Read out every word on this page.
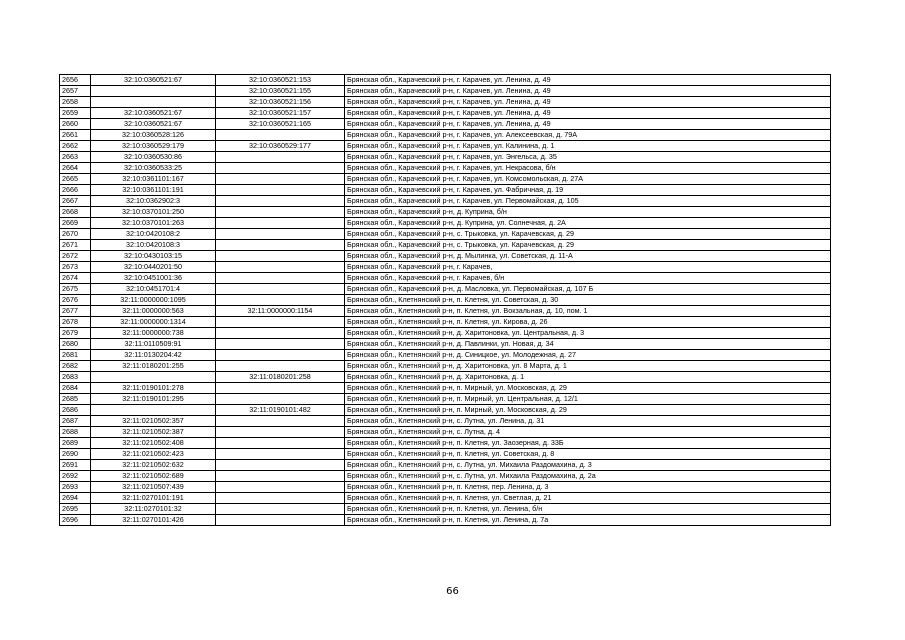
2656	32:10:0360521:67	32:10:0360521:153	Брянская обл., Карачевский р-н, г. Карачев, ул. Ленина, д. 49
2657		32:10:0360521:155	Брянская обл., Карачевский р-н, г. Карачев, ул. Ленина, д. 49
2658		32:10:0360521:156	Брянская обл., Карачевский р-н, г. Карачев, ул. Ленина, д. 49
2659	32:10:0360521:67	32:10:0360521:157	Брянская обл., Карачевский р-н, г. Карачев, ул. Ленина, д. 49
2660	32:10:0360521:67	32:10:0360521:165	Брянская обл., Карачевский р-н, г. Карачев, ул. Ленина, д. 49
2661	32:10:0360528:126		Брянская обл., Карачевский р-н, г. Карачев, ул. Алексеевская, д. 79А
2662	32:10:0360529:179	32:10:0360529:177	Брянская обл., Карачевский р-н, г. Карачев, ул. Калинина, д. 1
2663	32:10:0360530:86		Брянская обл., Карачевский р-н, г. Карачев, ул. Энгельса, д. 35
2664	32:10:0360533:25		Брянская обл., Карачевский р-н, г. Карачев, ул. Некрасова, б/н
2665	32:10:0361101:167		Брянская обл., Карачевский р-н, г. Карачев, ул. Комсомольская, д. 27А
2666	32:10:0361101:191		Брянская обл., Карачевский р-н, г. Карачев, ул. Фабричная, д. 19
2667	32:10:0362902:3		Брянская обл., Карачевский р-н, г. Карачев, ул. Первомайская, д. 105
2668	32:10:0370101:250		Брянская обл., Карачевский р-н, д. Куприна, б/н
2669	32:10:0370101:263		Брянская обл., Карачевский р-н, д. Куприна, ул. Солнечная, д. 2А
2670	32:10:0420108:2		Брянская обл., Карачевский р-н, с. Трыковка, ул. Карачевская, д. 29
2671	32:10:0420108:3		Брянская обл., Карачевский р-н, с. Трыковка, ул. Карачевская, д. 29
2672	32:10:0430103:15		Брянская обл., Карачевский р-н, д. Мылинка, ул. Советская, д. 11-А
2673	32:10:0440201:50		Брянская обл., Карачевский р-н, г. Карачев,
2674	32:10:0451001:36		Брянская обл., Карачевский р-н, г. Карачев, б/н
2675	32:10:0451701:4		Брянская обл., Карачевский р-н, д. Масловка, ул. Первомайская, д. 107 Б
2676	32:11:0000000:1095		Брянская обл., Клетнянский р-н, п. Клетня, ул. Советская, д. 30
2677	32:11:0000000:563	32:11:0000000:1154	Брянская обл., Клетнянский р-н, п. Клетня, ул. Вокзальная, д. 10, пом. 1
2678	32:11:0000000:1314		Брянская обл., Клетнянский р-н, п. Клетня, ул. Кирова, д. 26
2679	32:11:0000000:738		Брянская обл., Клетнянский р-н, д. Харитоновка, ул. Центральная, д. 3
2680	32:11:0110509:91		Брянская обл., Клетнянский р-н, д. Павлинки, ул. Новая, д. 34
2681	32:11:0130204:42		Брянская обл., Клетнянский р-н, д. Синицкое, ул. Молодежная, д. 27
2682	32:11:0180201:255		Брянская обл., Клетнянский р-н, д. Харитоновка, ул. 8 Марта, д. 1
2683		32:11:0180201:258	Брянская обл., Клетнянский р-н, д. Харитоновка, д. 1
2684	32:11:0190101:278		Брянская обл., Клетнянский р-н, п. Мирный, ул. Московская, д. 29
2685	32:11:0190101:295		Брянская обл., Клетнянский р-н, п. Мирный, ул. Центральная, д. 12/1
2686		32:11:0190101:482	Брянская обл., Клетнянский р-н, п. Мирный, ул. Московская, д. 29
2687	32:11:0210502:357		Брянская обл., Клетнянский р-н, с. Лутна, ул. Ленина, д. 31
2688	32:11:0210502:387		Брянская обл., Клетнянский р-н, с. Лутна, д. 4
2689	32:11:0210502:408		Брянская обл., Клетнянский р-н, п. Клетня, ул. Заозерная, д. 33Б
2690	32:11:0210502:423		Брянская обл., Клетнянский р-н, п. Клетня, ул. Советская, д. 8
2691	32:11:0210502:632		Брянская обл., Клетнянский р-н, с. Лутна, ул. Михаила Раздомахина, д. 3
2692	32:11:0210502:689		Брянская обл., Клетнянский р-н, с. Лутна, ул. Михаила Раздомахина, д. 2а
2693	32:11:0210507:439		Брянская обл., Клетнянский р-н, п. Клетня, пер. Ленина, д. 3
2694	32:11:0270101:191		Брянская обл., Клетнянский р-н, п. Клетня, ул. Светлая, д. 21
2695	32:11:0270101:32		Брянская обл., Клетнянский р-н, п. Клетня, ул. Ленина, б/н
2696	32:11:0270101:426		Брянская обл., Клетнянский р-н, п. Клетня, ул. Ленина, д. 7а
66
